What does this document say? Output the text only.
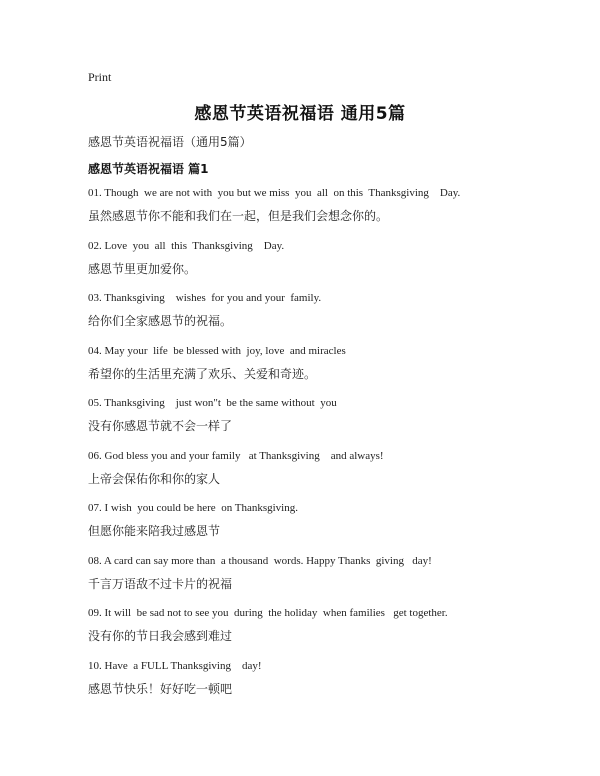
Print
感恩节英语祝福语 通用5篇
感恩节英语祝福语（通用5篇）
感恩节英语祝福语 篇1
01. Though  we are not with  you but we miss  you  all  on this  Thanksgiving    Day.
虽然感恩节你不能和我们在一起，但是我们会想念你的。
02. Love  you  all  this  Thanksgiving    Day.
感恩节里更加爱你。
03. Thanksgiving    wishes  for you and your  family.
给你们全家感恩节的祝福。
04. May your  life  be blessed with  joy, love  and miracles
希望你的生活里充满了欢乐、关爱和奇迹。
05. Thanksgiving    just won"t  be the same without  you
没有你感恩节就不会一样了
06. God bless you and your family   at Thanksgiving    and always!
上帝会保佑你和你的家人
07. I wish  you could be here  on Thanksgiving.
但愿你能来陪我过感恩节
08. A card can say more than  a thousand  words. Happy Thanks  giving   day!
千言万语敌不过卡片的祝福
09. It will  be sad not to see you  during  the holiday  when families   get together.
没有你的节日我会感到难过
10. Have  a FULL Thanksgiving    day!
感恩节快乐！好好吃一顿吧
